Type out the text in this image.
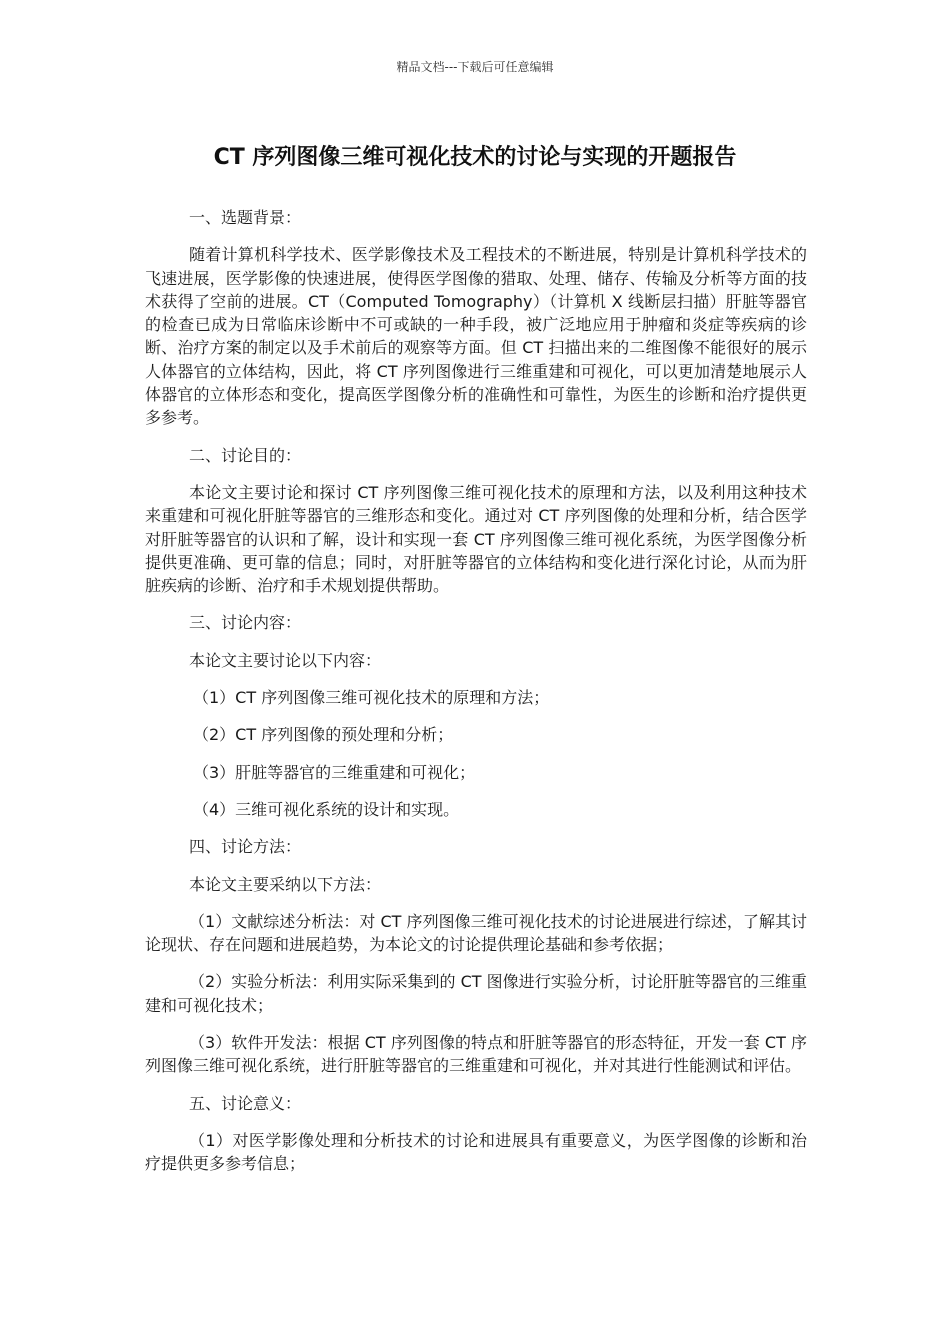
精品文档---下载后可任意编辑
CT 序列图像三维可视化技术的讨论与实现的开题报告

一、选题背景：

随着计算机科学技术、医学影像技术及工程技术的不断进展，特别是计算机科学技术的飞速进展，医学影像的快速进展，使得医学图像的猎取、处理、储存、传输及分析等方面的技术获得了空前的进展。CT（Computed Tomography）（计算机 X 线断层扫描）肝脏等器官的检查已成为日常临床诊断中不可或缺的一种手段，被广泛地应用于肿瘤和炎症等疾病的诊断、治疗方案的制定以及手术前后的观察等方面。但 CT 扫描出来的二维图像不能很好的展示人体器官的立体结构，因此，将 CT 序列图像进行三维重建和可视化，可以更加清楚地展示人体器官的立体形态和变化，提高医学图像分析的准确性和可靠性，为医生的诊断和治疗提供更多参考。

二、讨论目的：

本论文主要讨论和探讨 CT 序列图像三维可视化技术的原理和方法，以及利用这种技术来重建和可视化肝脏等器官的三维形态和变化。通过对 CT 序列图像的处理和分析，结合医学对肝脏等器官的认识和了解，设计和实现一套 CT 序列图像三维可视化系统，为医学图像分析提供更准确、更可靠的信息；同时，对肝脏等器官的立体结构和变化进行深化讨论，从而为肝脏疾病的诊断、治疗和手术规划提供帮助。

三、讨论内容：

本论文主要讨论以下内容：

（1）CT 序列图像三维可视化技术的原理和方法；

（2）CT 序列图像的预处理和分析；

（3）肝脏等器官的三维重建和可视化；

（4）三维可视化系统的设计和实现。

四、讨论方法：

本论文主要采纳以下方法：

（1）文献综述分析法：对 CT 序列图像三维可视化技术的讨论进展进行综述，了解其讨论现状、存在问题和进展趋势，为本论文的讨论提供理论基础和参考依据；

（2）实验分析法：利用实际采集到的 CT 图像进行实验分析，讨论肝脏等器官的三维重建和可视化技术；

（3）软件开发法：根据 CT 序列图像的特点和肝脏等器官的形态特征，开发一套 CT 序列图像三维可视化系统，进行肝脏等器官的三维重建和可视化，并对其进行性能测试和评估。

五、讨论意义：

（1）对医学影像处理和分析技术的讨论和进展具有重要意义，为医学图像的诊断和治疗提供更多参考信息；
